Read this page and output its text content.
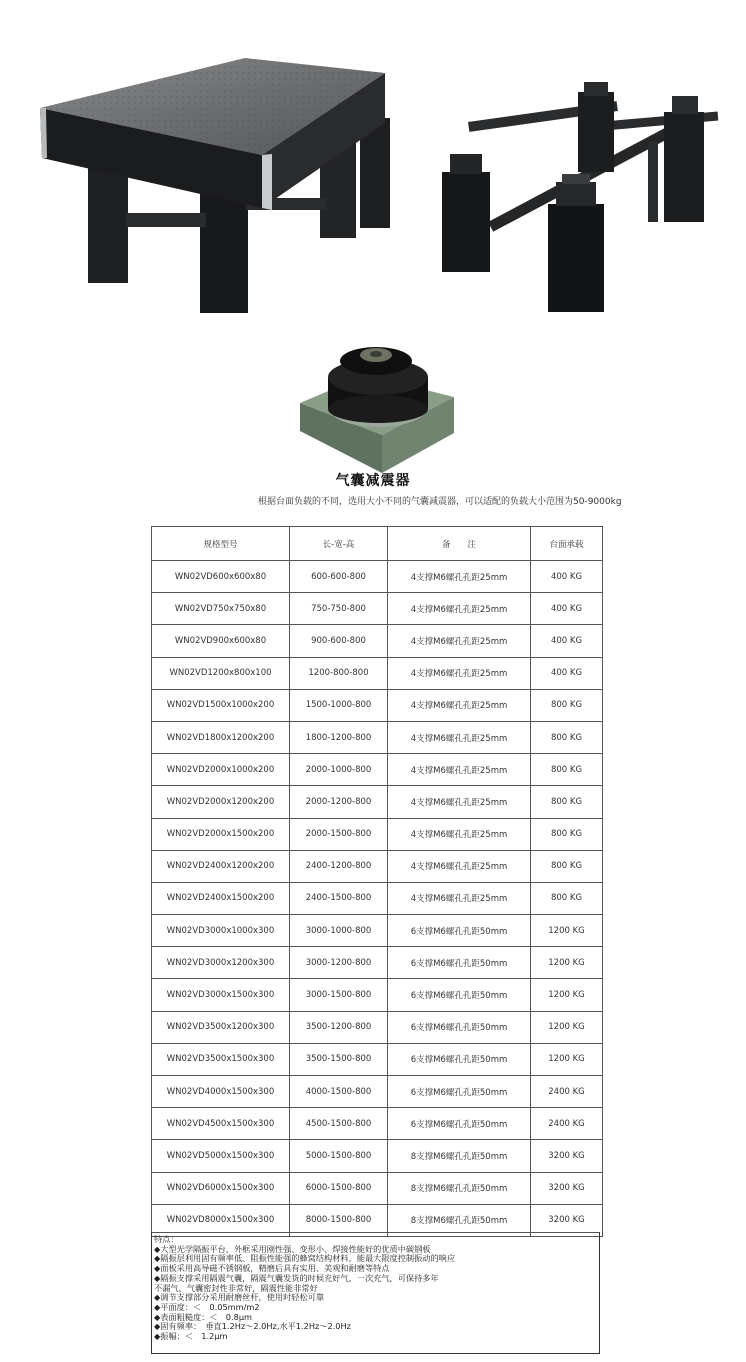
气囊减震器
根据台面负载的不同，选用大小不同的气囊减震器，可以适配的负载大小范围为50-9000kg
规格型号	长-宽-高	备　　注	台面承载
WN02VD600x600x80	600-600-800	4支撑M6螺孔孔距25mm	400 KG
WN02VD750x750x80	750-750-800	4支撑M6螺孔孔距25mm	400 KG
WN02VD900x600x80	900-600-800	4支撑M6螺孔孔距25mm	400 KG
WN02VD1200x800x100	1200-800-800	4支撑M6螺孔孔距25mm	400 KG
WN02VD1500x1000x200	1500-1000-800	4支撑M6螺孔孔距25mm	800 KG
WN02VD1800x1200x200	1800-1200-800	4支撑M6螺孔孔距25mm	800 KG
WN02VD2000x1000x200	2000-1000-800	4支撑M6螺孔孔距25mm	800 KG
WN02VD2000x1200x200	2000-1200-800	4支撑M6螺孔孔距25mm	800 KG
WN02VD2000x1500x200	2000-1500-800	4支撑M6螺孔孔距25mm	800 KG
WN02VD2400x1200x200	2400-1200-800	4支撑M6螺孔孔距25mm	800 KG
WN02VD2400x1500x200	2400-1500-800	4支撑M6螺孔孔距25mm	800 KG
WN02VD3000x1000x300	3000-1000-800	6支撑M6螺孔孔距50mm	1200 KG
WN02VD3000x1200x300	3000-1200-800	6支撑M6螺孔孔距50mm	1200 KG
WN02VD3000x1500x300	3000-1500-800	6支撑M6螺孔孔距50mm	1200 KG
WN02VD3500x1200x300	3500-1200-800	6支撑M6螺孔孔距50mm	1200 KG
WN02VD3500x1500x300	3500-1500-800	6支撑M6螺孔孔距50mm	1200 KG
WN02VD4000x1500x300	4000-1500-800	6支撑M6螺孔孔距50mm	2400 KG
WN02VD4500x1500x300	4500-1500-800	6支撑M6螺孔孔距50mm	2400 KG
WN02VD5000x1500x300	5000-1500-800	8支撑M6螺孔孔距50mm	3200 KG
WN02VD6000x1500x300	6000-1500-800	8支撑M6螺孔孔距50mm	3200 KG
WN02VD8000x1500x300	8000-1500-800	8支撑M6螺孔孔距50mm	3200 KG
特点：
◆大型光学隔振平台，外框采用刚性强、变形小、焊接性能好的优质中碳钢板
◆隔振层利用固有频率低、阻振性能强的蜂窝结构材料，能最大限度控制振动的响应
◆面板采用高导磁不锈钢板，精磨后具有实用、美观和耐磨等特点
◆隔振支撑采用隔震气囊，隔震气囊发货的时候充好气，一次充气，可保持多年
不漏气，气囊密封性非常好，隔震性能非常好
◆调节支撑部分采用耐磨丝杆，使用时轻松可靠
◆平面度：＜　0.05mm/m2
◆表面粗糙度：＜　0.8μm
◆固有频率：　垂直1.2Hz～2.0Hz,水平1.2Hz～2.0Hz
◆振幅：＜　1.2μm
